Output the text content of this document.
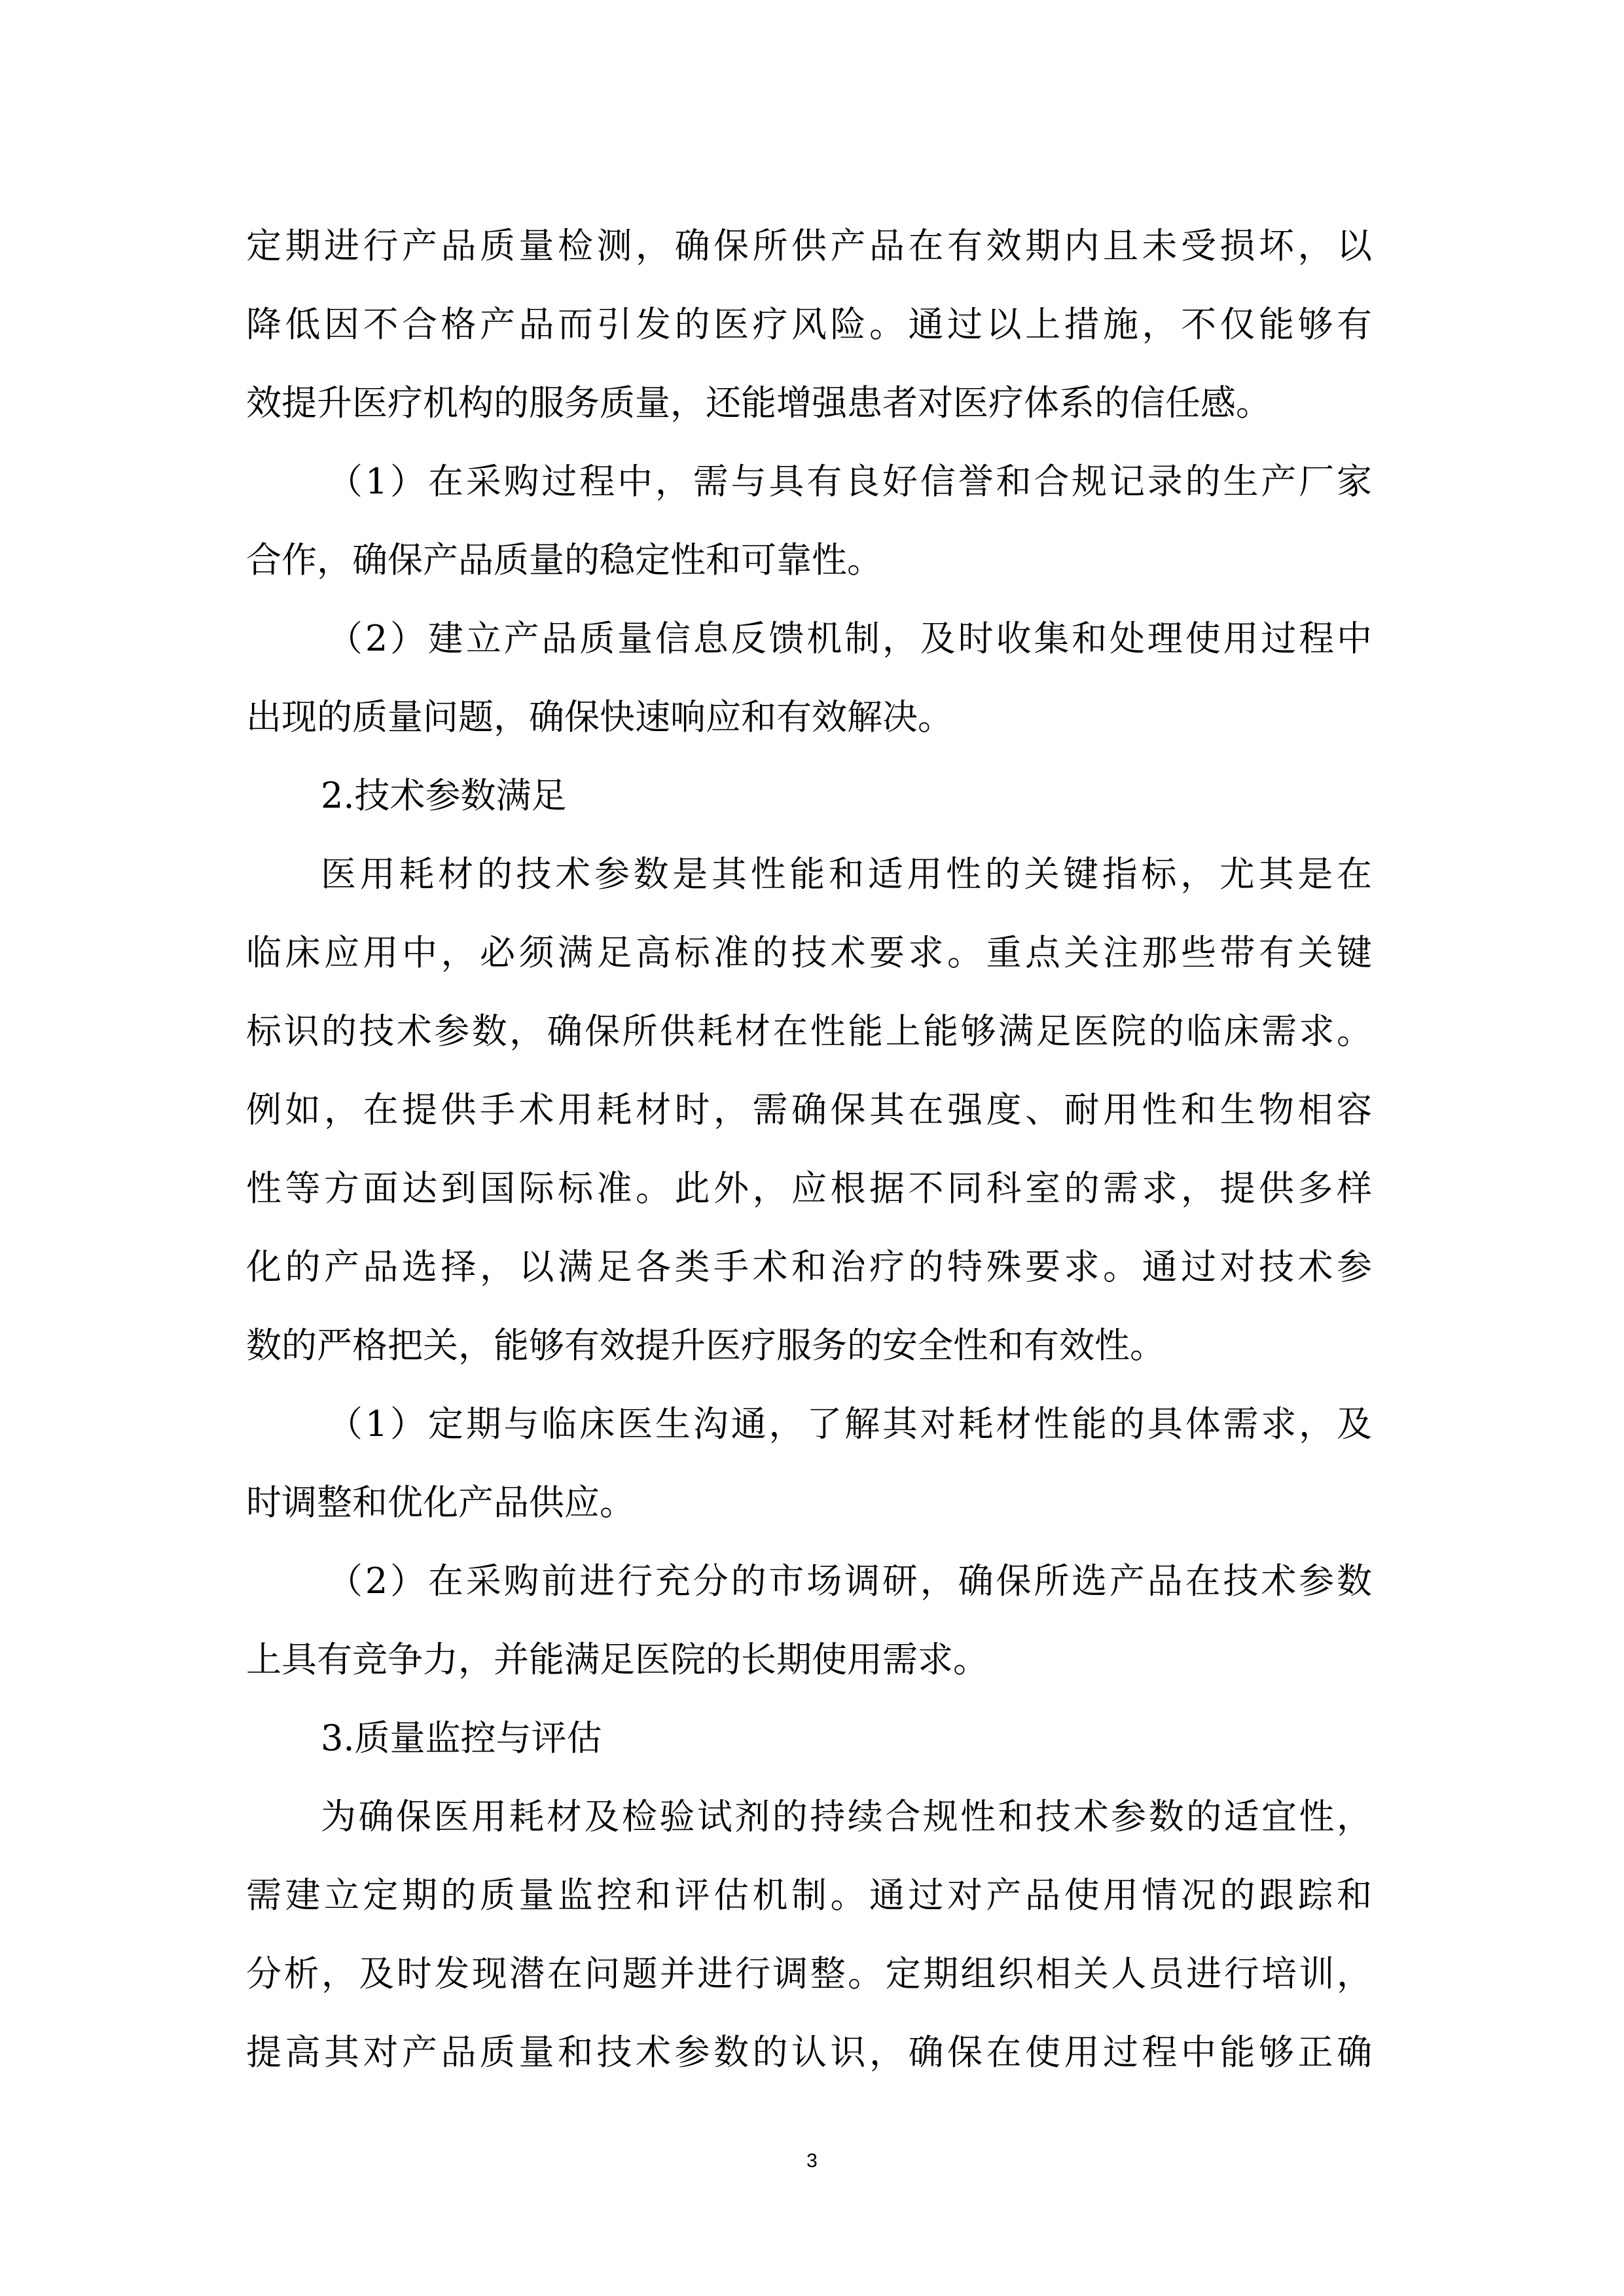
定期进行产品质量检测，确保所供产品在有效期内且未受损坏，以
降低因不合格产品而引发的医疗风险。通过以上措施，不仅能够有
效提升医疗机构的服务质量，还能增强患者对医疗体系的信任感。
（1）在采购过程中，需与具有良好信誉和合规记录的生产厂家
合作，确保产品质量的稳定性和可靠性。
（2）建立产品质量信息反馈机制，及时收集和处理使用过程中
出现的质量问题，确保快速响应和有效解决。
2.技术参数满足
医用耗材的技术参数是其性能和适用性的关键指标，尤其是在
临床应用中，必须满足高标准的技术要求。重点关注那些带有关键
标识的技术参数，确保所供耗材在性能上能够满足医院的临床需求。
例如，在提供手术用耗材时，需确保其在强度、耐用性和生物相容
性等方面达到国际标准。此外，应根据不同科室的需求，提供多样
化的产品选择，以满足各类手术和治疗的特殊要求。通过对技术参
数的严格把关，能够有效提升医疗服务的安全性和有效性。
（1）定期与临床医生沟通，了解其对耗材性能的具体需求，及
时调整和优化产品供应。
（2）在采购前进行充分的市场调研，确保所选产品在技术参数
上具有竞争力，并能满足医院的长期使用需求。
3.质量监控与评估
为确保医用耗材及检验试剂的持续合规性和技术参数的适宜性，
需建立定期的质量监控和评估机制。通过对产品使用情况的跟踪和
分析，及时发现潜在问题并进行调整。定期组织相关人员进行培训，
提高其对产品质量和技术参数的认识，确保在使用过程中能够正确
3
